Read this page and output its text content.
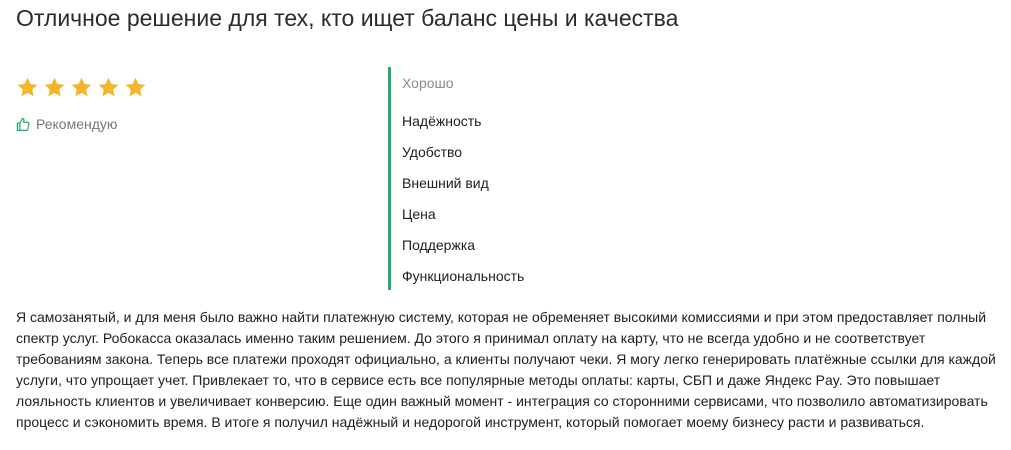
Отличное решение для тех, кто ищет баланс цены и качества
Рекомендую
Хорошо
Надёжность
Удобство
Внешний вид
Цена
Поддержка
Функциональность

Я самозанятый, и для меня было важно найти платежную систему, которая не обременяет высокими комиссиями и при этом предоставляет полный спектр услуг. Робокасса оказалась именно таким решением. До этого я принимал оплату на карту, что не всегда удобно и не соответствует требованиям закона. Теперь все платежи проходят официально, а клиенты получают чеки. Я могу легко генерировать платёжные ссылки для каждой услуги, что упрощает учет. Привлекает то, что в сервисе есть все популярные методы оплаты: карты, СБП и даже Яндекс Pay. Это повышает лояльность клиентов и увеличивает конверсию. Еще один важный момент - интеграция со сторонними сервисами, что позволило автоматизировать процесс и сэкономить время. В итоге я получил надёжный и недорогой инструмент, который помогает моему бизнесу расти и развиваться.
